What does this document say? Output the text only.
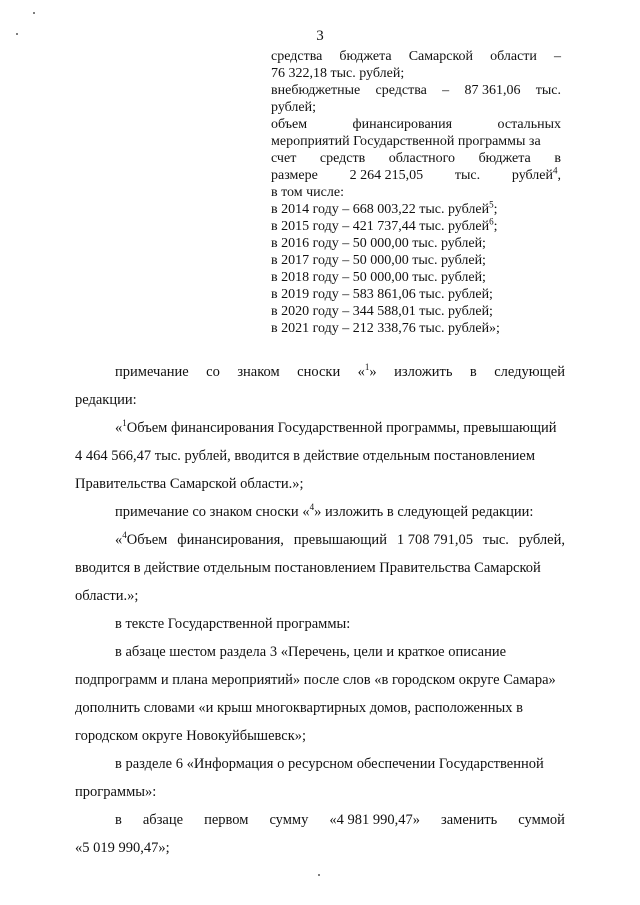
3
средства бюджета Самарской области –
76 322,18 тыс. рублей;
внебюджетные средства – 87 361,06 тыс.
рублей;
объем	финансирования	остальных
мероприятий Государственной программы за
счет средств областного бюджета в
размере 2 264 215,05 тыс. рублей$^4$,
в том числе:
в 2014 году – 668 003,22 тыс. рублей$^5$;
в 2015 году – 421 737,44 тыс. рублей$^6$;
в 2016 году – 50 000,00 тыс. рублей;
в 2017 году – 50 000,00 тыс. рублей;
в 2018 году – 50 000,00 тыс. рублей;
в 2019 году – 583 861,06 тыс. рублей;
в 2020 году – 344 588,01 тыс. рублей;
в 2021 году – 212 338,76 тыс. рублей»;
примечание со знаком сноски «$^1$» изложить в следующей
редакции:
«$^1$Объем финансирования Государственной программы, превышающий
4 464 566,47 тыс. рублей, вводится в действие отдельным постановлением
Правительства Самарской области.»;
примечание со знаком сноски «$^4$» изложить в следующей редакции:
«$^4$Объем финансирования, превышающий 1 708 791,05 тыс. рублей,
вводится в действие отдельным постановлением Правительства Самарской
области.»;
в тексте Государственной программы:
в абзаце шестом раздела 3 «Перечень, цели и краткое описание
подпрограмм и плана мероприятий» после слов «в городском округе Самара»
дополнить словами «и крыш многоквартирных домов, расположенных в
городском округе Новокуйбышевск»;
в разделе 6 «Информация о ресурсном обеспечении Государственной
программы»:
в абзаце первом сумму «4 981 990,47» заменить суммой
«5 019 990,47»;
